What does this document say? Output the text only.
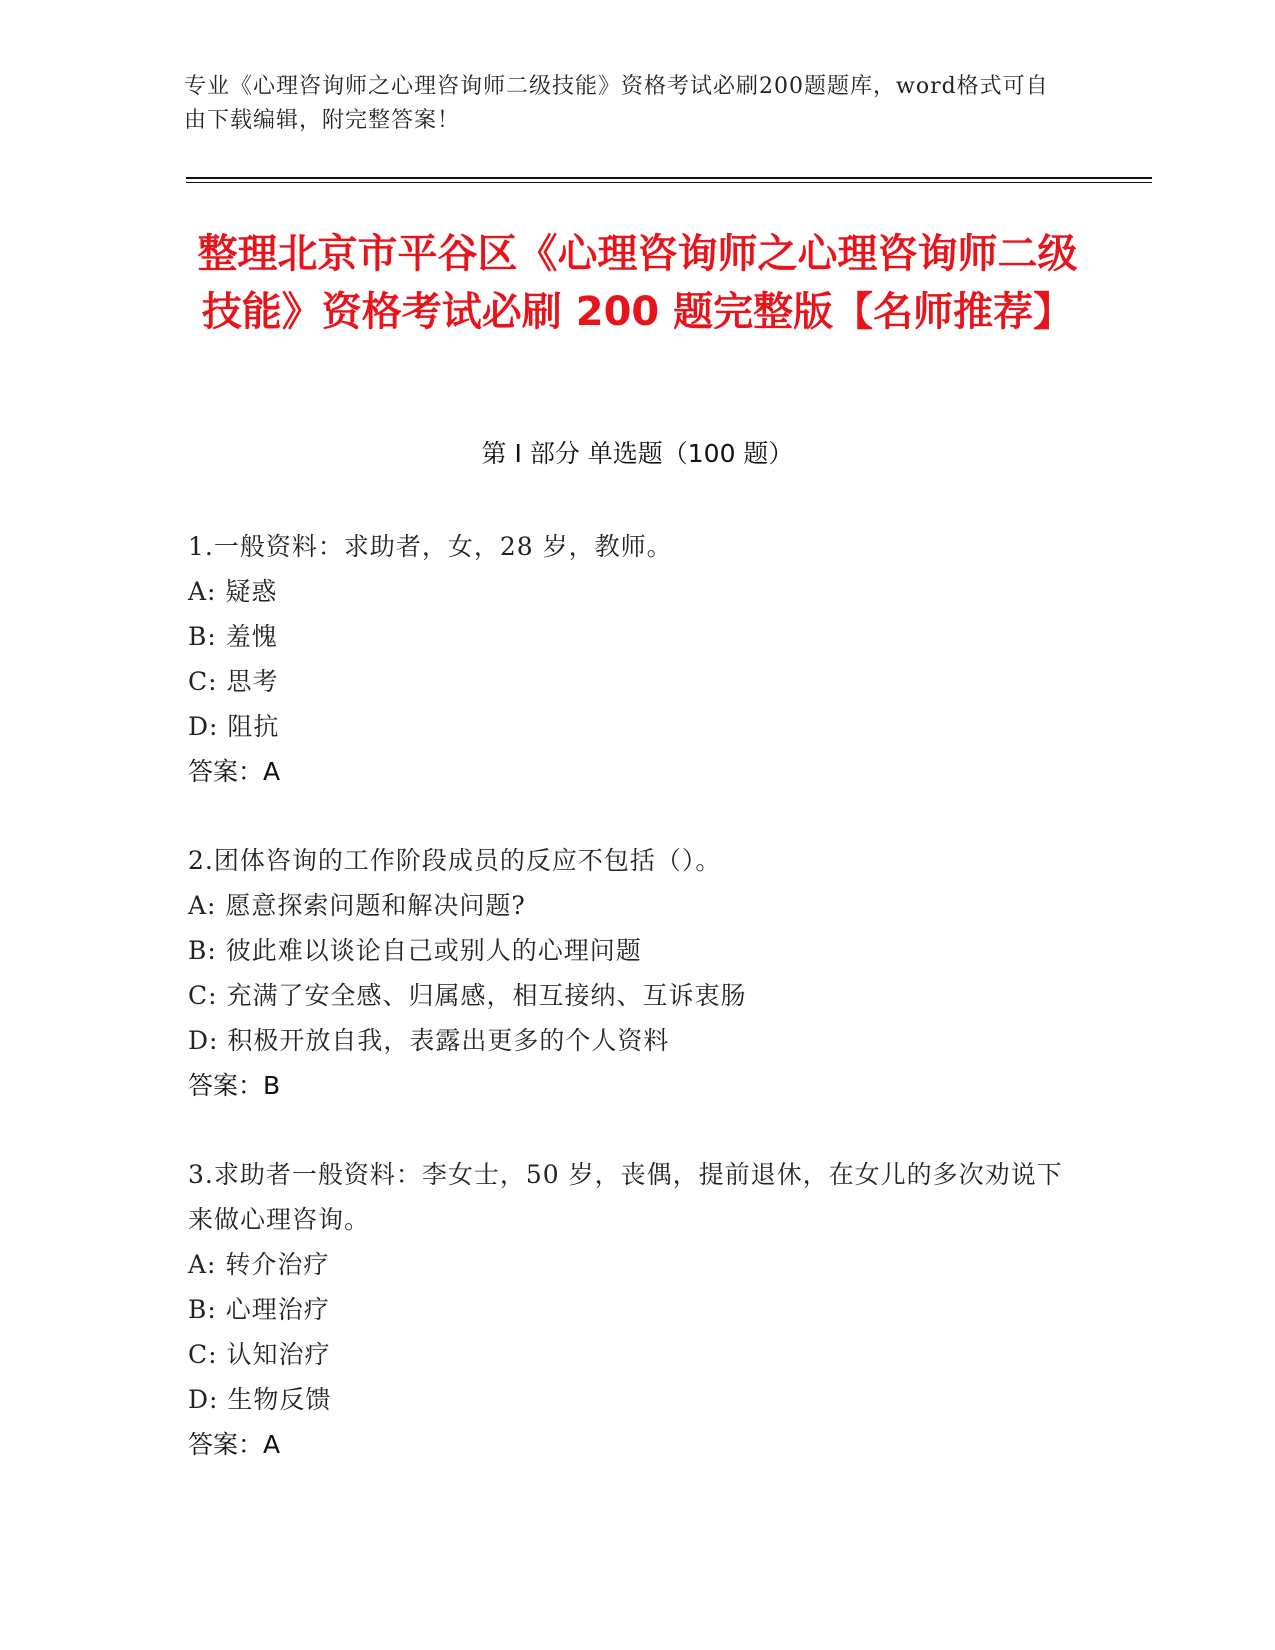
专业《心理咨询师之心理咨询师二级技能》资格考试必刷200题题库，word格式可自由下载编辑，附完整答案！
整理北京市平谷区《心理咨询师之心理咨询师二级技能》资格考试必刷 200 题完整版【名师推荐】
第 I 部分 单选题（100 题）

1.一般资料：求助者，女，28 岁，教师。

A: 疑惑

B: 羞愧

C: 思考

D: 阻抗

答案：A

2.团体咨询的工作阶段成员的反应不包括（）。

A: 愿意探索问题和解决问题?

B: 彼此难以谈论自己或别人的心理问题

C: 充满了安全感、归属感，相互接纳、互诉衷肠

D: 积极开放自我，表露出更多的个人资料

答案：B

3.求助者一般资料：李女士，50 岁，丧偶，提前退休，在女儿的多次劝说下来做心理咨询。

A: 转介治疗

B: 心理治疗

C: 认知治疗

D: 生物反馈

答案：A
